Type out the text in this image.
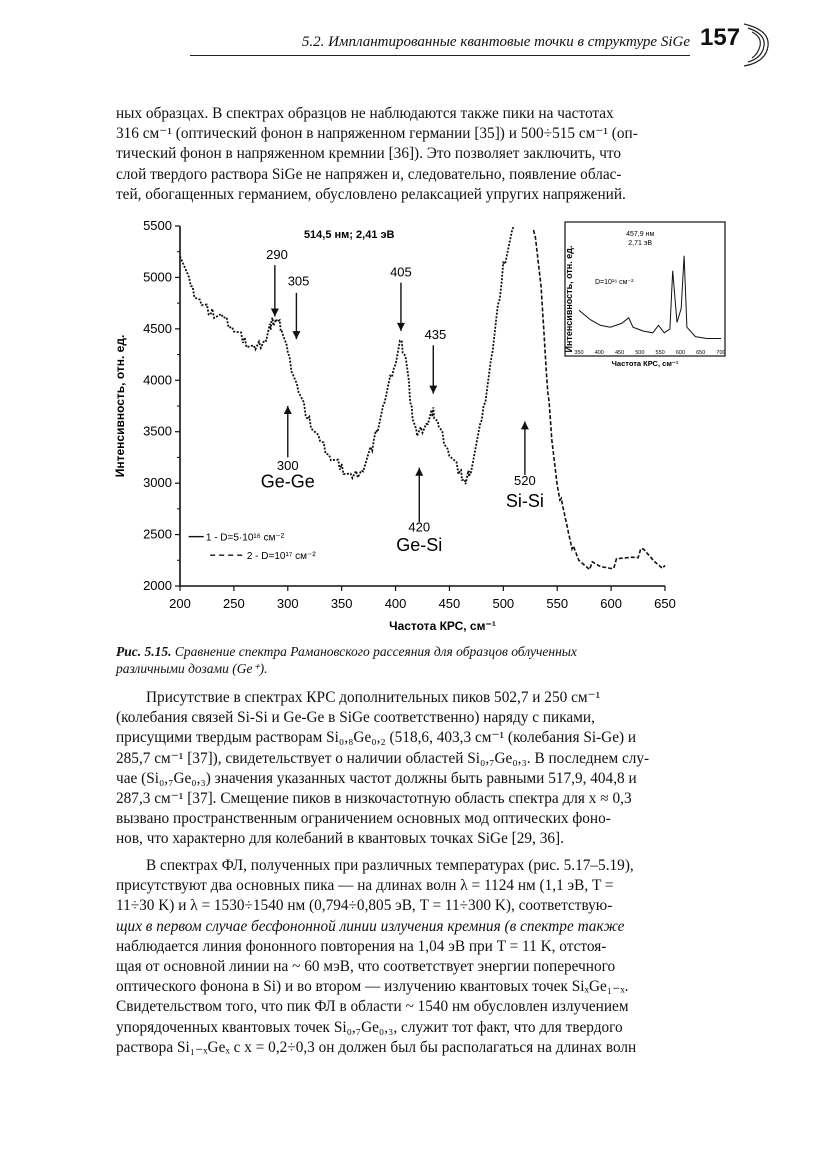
5.2. Имплантированные квантовые точки в структуре SiGe 157

ных образцах. В спектрах образцов не наблюдаются также пики на частотах

316 см⁻¹ (оптический фонон в напряженном германии [35]) и 500÷515 см⁻¹ (оп-

тический фонон в напряженном кремнии [36]). Это позволяет заключить, что

слой твердого раствора SiGe не напряжен и, следовательно, появление облас-

тей, обогащенных германием, обусловлено релаксацией упругих напряжений.

200 250 300 350 400 450 500 550 600 650
2000
2500
3000
3500
4000
4500
5000
5500
Частота КРС, см⁻¹
Интенсивность, отн. ед.
514,5 нм; 2,41 эВ
290
305
405
435
300
Ge-Ge
420
Ge-Si
520
Si-Si
1 - D=5·10¹⁶ см⁻²
2 - D=10¹⁷ см⁻²
Интенсивность, отн. ед.
457,9 нм
2,71 эВ
D=10¹⁶ см⁻²
350 400 450 500 550 600 650 700
Частота КРС, см⁻¹
Рис. 5.15. Сравнение спектра Рамановского рассеяния для образцов облученных
различными дозами (Ge⁺).

Присутствие в спектрах КРС дополнительных пиков 502,7 и 250 см⁻¹

(колебания связей Si-Si и Ge-Ge в SiGe соответственно) наряду с пиками,

присущими твердым растворам Si₀,₈Ge₀,₂ (518,6, 403,3 см⁻¹ (колебания Si-Ge) и

285,7 см⁻¹ [37]), свидетельствует о наличии областей Si₀,₇Ge₀,₃. В последнем слу-

чае (Si₀,₇Ge₀,₃) значения указанных частот должны быть равными 517,9, 404,8 и

287,3 см⁻¹ [37]. Смещение пиков в низкочастотную область спектра для x ≈ 0,3

вызвано пространственным ограничением основных мод оптических фоно-

нов, что характерно для колебаний в квантовых точках SiGe [29, 36].

В спектрах ФЛ, полученных при различных температурах (рис. 5.17–5.19),

присутствуют два основных пика — на длинах волн λ = 1124 нм (1,1 эВ, T =

11÷30 K) и λ = 1530÷1540 нм (0,794÷0,805 эВ, T = 11÷300 K), соответствую-

щих в первом случае бесфононной линии излучения кремния (в спектре также

наблюдается линия фононного повторения на 1,04 эВ при T = 11 K, отстоя-

щая от основной линии на ~ 60 мэВ, что соответствует энергии поперечного

оптического фонона в Si) и во втором — излучению квантовых точек SiₓGe₁₋ₓ.

Свидетельством того, что пик ФЛ в области ~ 1540 нм обусловлен излучением

упорядоченных квантовых точек Si₀,₇Ge₀,₃, служит тот факт, что для твердого

раствора Si₁₋ₓGeₓ с x = 0,2÷0,3 он должен был бы располагаться на длинах волн
